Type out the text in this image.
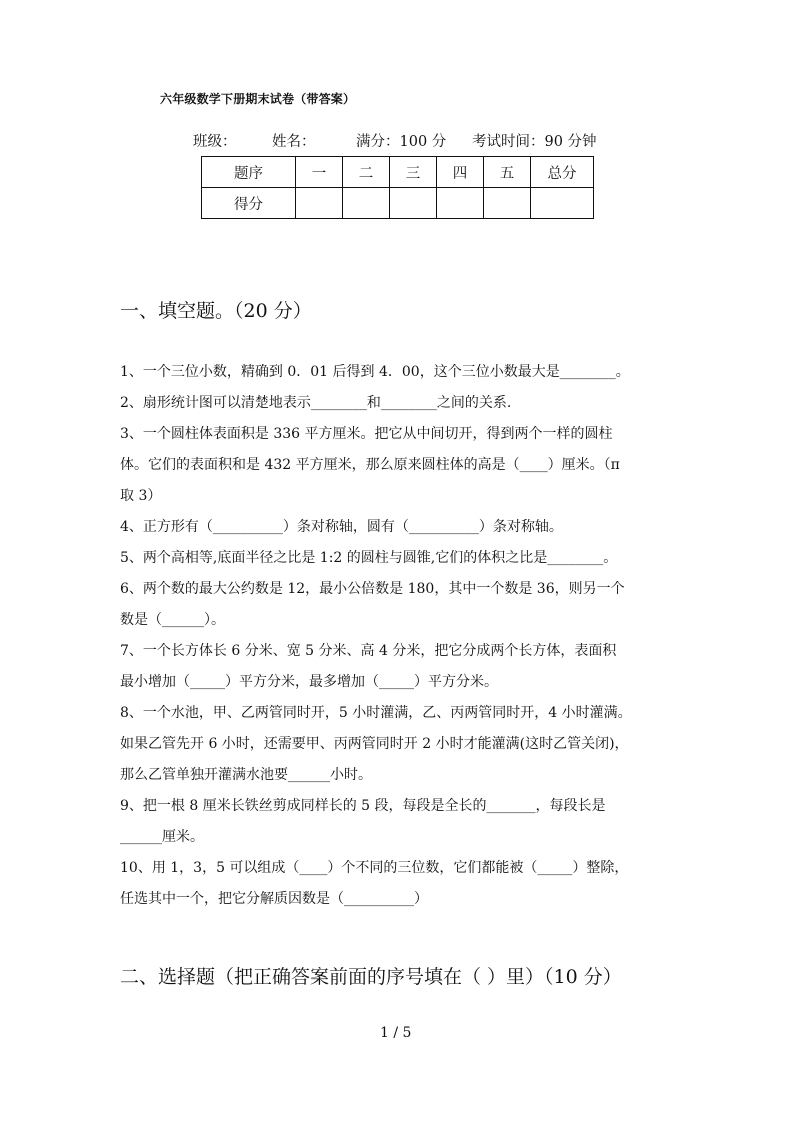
六年级数学下册期末试卷（带答案）
班级： 姓名：	满分：100 分 考试时间：90 分钟
题序	一	二	三	四	五	总分
得分						
一、填空题。（20 分）
1、一个三位小数，精确到 0．01 后得到 4．00，这个三位小数最大是________。
2、扇形统计图可以清楚地表示________和________之间的关系.
3、一个圆柱体表面积是 336 平方厘米。把它从中间切开，得到两个一样的圆柱
体。它们的表面积和是 432 平方厘米，那么原来圆柱体的高是（____）厘米。（π
取 3）
4、正方形有（__________）条对称轴，圆有（__________）条对称轴。
5、两个高相等,底面半径之比是 1:2 的圆柱与圆锥,它们的体积之比是________。
6、两个数的最大公约数是 12，最小公倍数是 180，其中一个数是 36，则另一个
数是（______）。
7、一个长方体长 6 分米、宽 5 分米、高 4 分米，把它分成两个长方体，表面积
最小增加（_____）平方分米，最多增加（_____）平方分米。
8、一个水池，甲、乙两管同时开，5 小时灌满，乙、丙两管同时开，4 小时灌满。
如果乙管先开 6 小时，还需要甲、丙两管同时开 2 小时才能灌满(这时乙管关闭)，
那么乙管单独开灌满水池要______小时。
9、把一根 8 厘米长铁丝剪成同样长的 5 段，每段是全长的_______，每段长是
______厘米。
10、用 1，3，5 可以组成（____）个不同的三位数，它们都能被（_____）整除，
任选其中一个，把它分解质因数是（__________）
二、选择题（把正确答案前面的序号填在（ ）里）（10 分）
1 / 5
